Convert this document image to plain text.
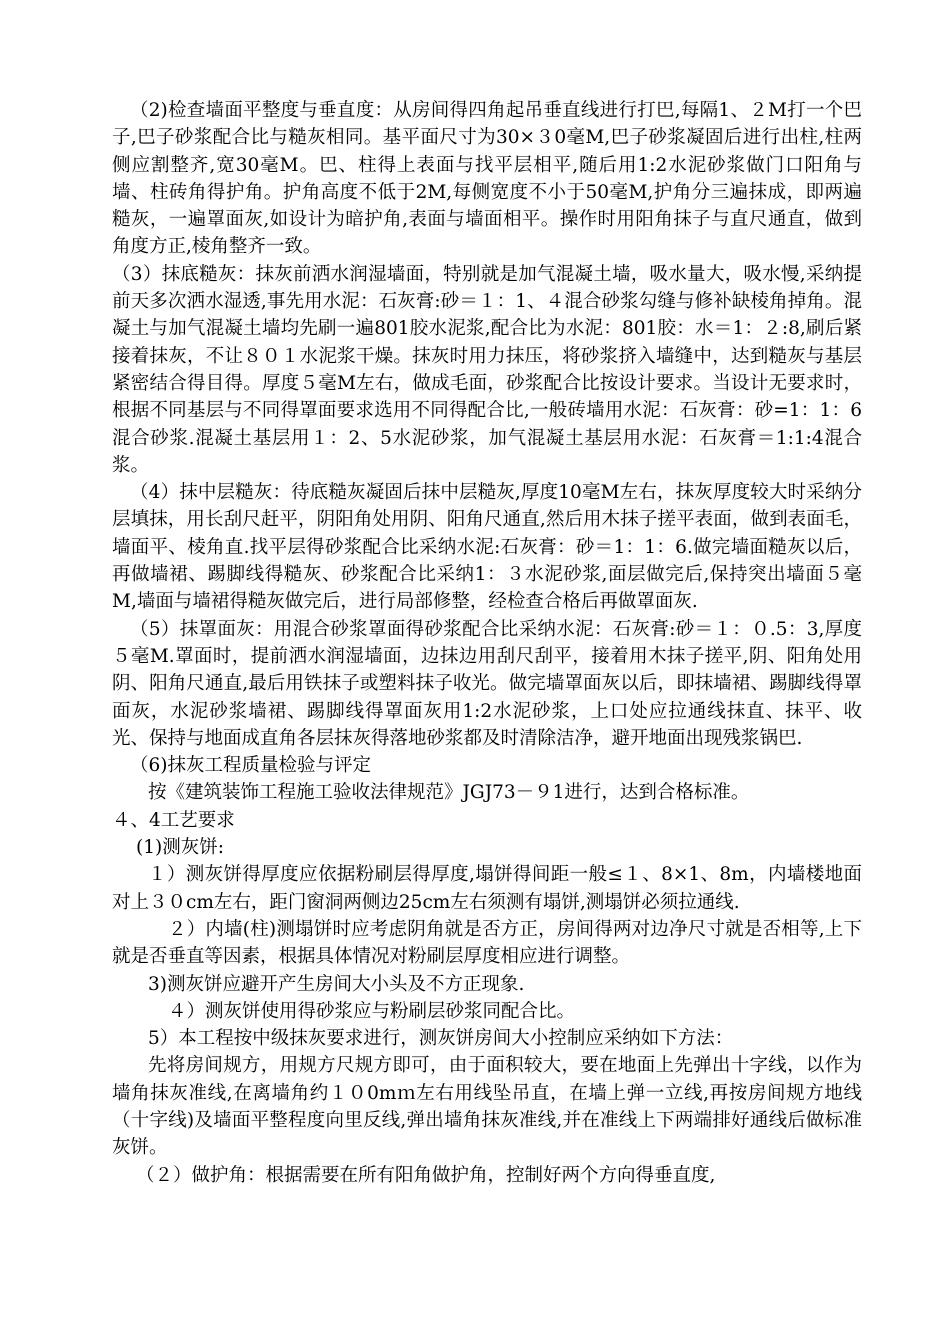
（2)检查墙面平整度与垂直度：从房间得四角起吊垂直线进行打巴,每隔1、２M打一个巴子,巴子砂浆配合比与糙灰相同。基平面尺寸为30×３0毫M,巴子砂浆凝固后进行出柱,柱两侧应割整齐,宽30毫M。巴、柱得上表面与找平层相平,随后用1:2水泥砂浆做门口阳角与墙、柱砖角得护角。护角高度不低于2M,每侧宽度不小于50毫M,护角分三遍抹成，即两遍糙灰，一遍罩面灰,如设计为暗护角,表面与墙面相平。操作时用阳角抹子与直尺通直，做到角度方正,棱角整齐一致。

（3）抹底糙灰：抹灰前洒水润湿墙面，特别就是加气混凝土墙，吸水量大，吸水慢,采纳提前天多次洒水湿透,事先用水泥：石灰膏:砂＝１：1、４混合砂浆勾缝与修补缺棱角掉角。混凝土与加气混凝土墙均先刷一遍801胶水泥浆,配合比为水泥：801胶：水＝1：２:8,刷后紧接着抹灰，不让８０１水泥浆干燥。抹灰时用力抹压，将砂浆挤入墙缝中，达到糙灰与基层紧密结合得目得。厚度５毫M左右，做成毛面，砂浆配合比按设计要求。当设计无要求时，根据不同基层与不同得罩面要求选用不同得配合比,一般砖墙用水泥：石灰膏：砂=1：1：6混合砂浆.混凝土基层用１：2、5水泥砂浆，加气混凝土基层用水泥：石灰膏＝1:1:4混合浆。

（4）抹中层糙灰：待底糙灰凝固后抹中层糙灰,厚度10毫M左右，抹灰厚度较大时采纳分层填抹，用长刮尺赶平，阴阳角处用阴、阳角尺通直,然后用木抹子搓平表面，做到表面毛，墙面平、棱角直.找平层得砂浆配合比采纳水泥:石灰膏：砂＝1：1：6.做完墙面糙灰以后，再做墙裙、踢脚线得糙灰、砂浆配合比采纳1：３水泥砂浆,面层做完后,保持突出墙面５毫M,墙面与墙裙得糙灰做完后，进行局部修整，经检查合格后再做罩面灰.

（5）抹罩面灰：用混合砂浆罩面得砂浆配合比采纳水泥：石灰膏:砂＝１：０.5：3,厚度５毫M.罩面时，提前洒水润湿墙面，边抹边用刮尺刮平，接着用木抹子搓平,阴、阳角处用阴、阳角尺通直,最后用铁抹子或塑料抹子收光。做完墙罩面灰以后，即抹墙裙、踢脚线得罩面灰，水泥砂浆墙裙、踢脚线得罩面灰用1:2水泥砂浆，上口处应拉通线抹直、抹平、收光、保持与地面成直角各层抹灰得落地砂浆都及时清除洁净，避开地面出现残浆锅巴.

（6)抹灰工程质量检验与评定

按《建筑装饰工程施工验收法律规范》JGJ73－９1进行，达到合格标准。

４、4工艺要求

(1)测灰饼:

１）测灰饼得厚度应依据粉刷层得厚度,塌饼得间距一般≤１、8×1、8m，内墙楼地面对上３０cm左右，距门窗洞两侧边25cm左右须测有塌饼,测塌饼必须拉通线.

２）内墙(柱)测塌饼时应考虑阴角就是否方正，房间得两对边净尺寸就是否相等,上下就是否垂直等因素，根据具体情况对粉刷层厚度相应进行调整。

3)测灰饼应避开产生房间大小头及不方正现象.

４）测灰饼使用得砂浆应与粉刷层砂浆同配合比。

5）本工程按中级抹灰要求进行，测灰饼房间大小控制应采纳如下方法：

先将房间规方，用规方尺规方即可，由于面积较大，要在地面上先弹出十字线，以作为墙角抹灰准线,在离墙角约１０0mｍ左右用线坠吊直，在墙上弹一立线,再按房间规方地线（十字线)及墙面平整程度向里反线,弹出墙角抹灰准线,并在准线上下两端排好通线后做标准灰饼。

（２）做护角：根据需要在所有阳角做护角，控制好两个方向得垂直度,
